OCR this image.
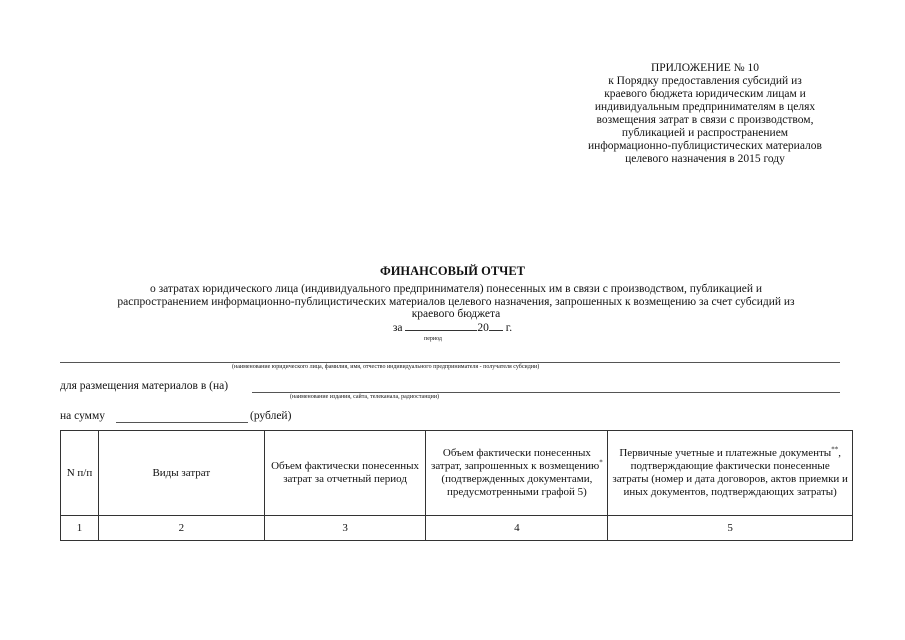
ПРИЛОЖЕНИЕ № 10
к Порядку предоставления субсидий из
краевого бюджета юридическим лицам и
индивидуальным предпринимателям в целях
возмещения затрат в связи с производством,
публикацией и распространением
информационно-публицистических материалов
целевого назначения в 2015 году
ФИНАНСОВЫЙ ОТЧЕТ
о затратах юридического лица (индивидуального предпринимателя) понесенных им в связи с производством, публикацией и
распространением информационно-публицистических материалов целевого назначения, запрошенных к возмещению за счет субсидий из
краевого бюджета
за	20 г.
период
(наименование юридического лица, фамилия, имя, отчество индивидуального предпринимателя - получателя субсидии)
для размещения материалов в (на)
(наименование издания, сайта, телеканала, радиостанции)
на сумму	(рублей)
N п/п	Виды затрат	Объем фактически понесенных затрат за отчетный период	Объем фактически понесенных затрат, запрошенных к возмещению* (подтвержденных документами, предусмотренными графой 5)	Первичные учетные и платежные документы**, подтверждающие фактически понесенные затраты (номер и дата договоров, актов приемки и иных документов, подтверждающих затраты)
1	2	3	4	5
